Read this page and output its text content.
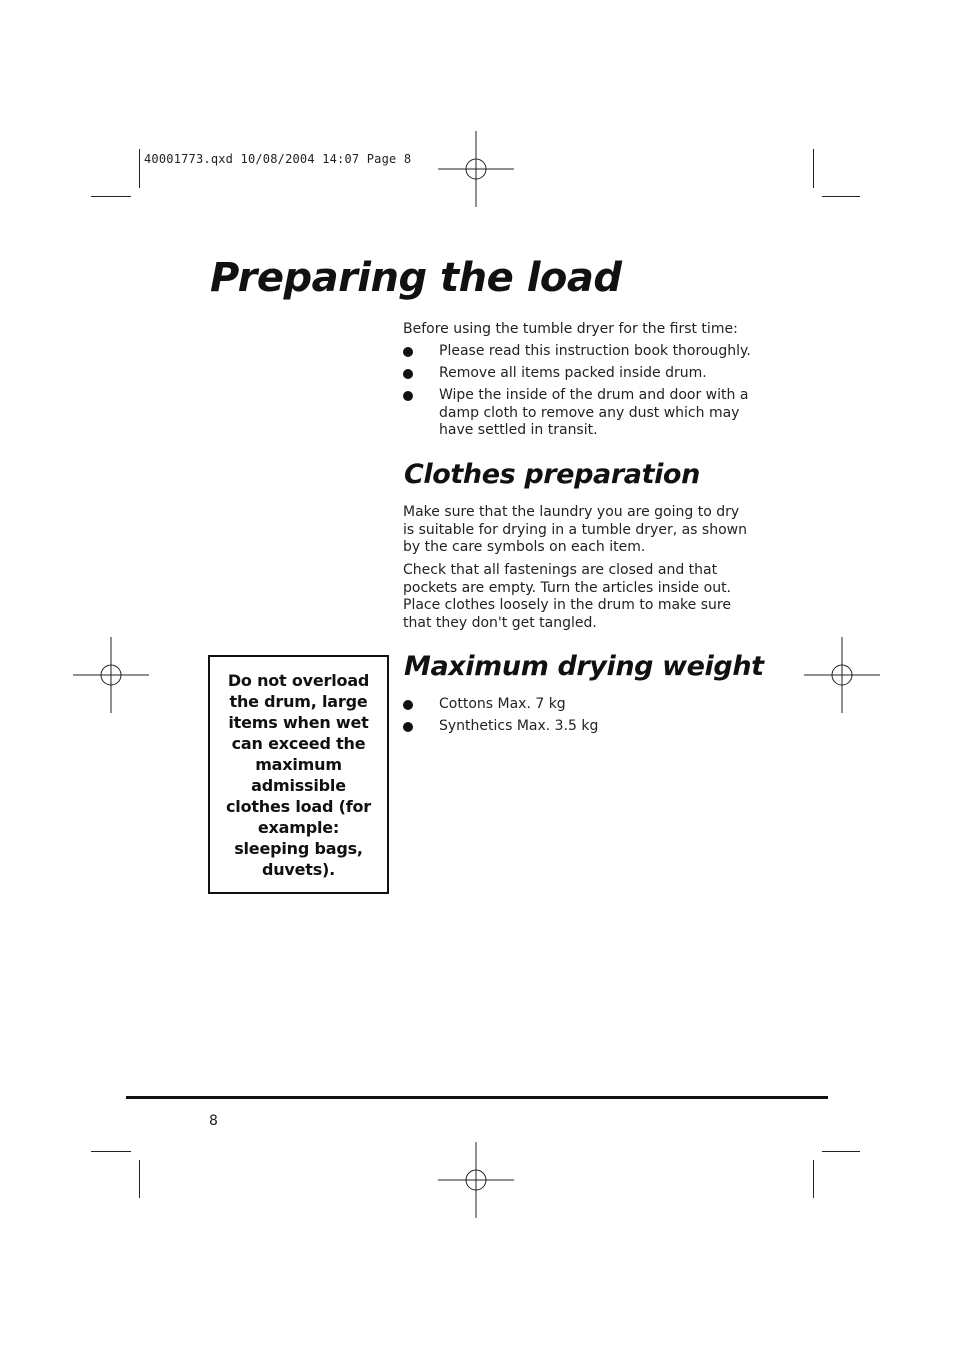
40001773.qxd 10/08/2004 14:07 Page 8
Preparing the load
Before using the tumble dryer for the first time:
Please read this instruction book thoroughly.
Remove all items packed inside drum.
Wipe the inside of the drum and door with a damp cloth to remove any dust which may have settled in transit.
Clothes preparation
Make sure that the laundry you are going to dry is suitable for drying in a tumble dryer, as shown by the care symbols on each item.
Check that all fastenings are closed and that pockets are empty. Turn the articles inside out. Place clothes loosely in the drum to make sure that they don't get tangled.
Maximum drying weight
Cottons Max. 7 kg
Synthetics Max. 3.5 kg
Do not overload the drum, large items when wet can exceed the maximum admissible clothes load (for example: sleeping bags, duvets).
8
